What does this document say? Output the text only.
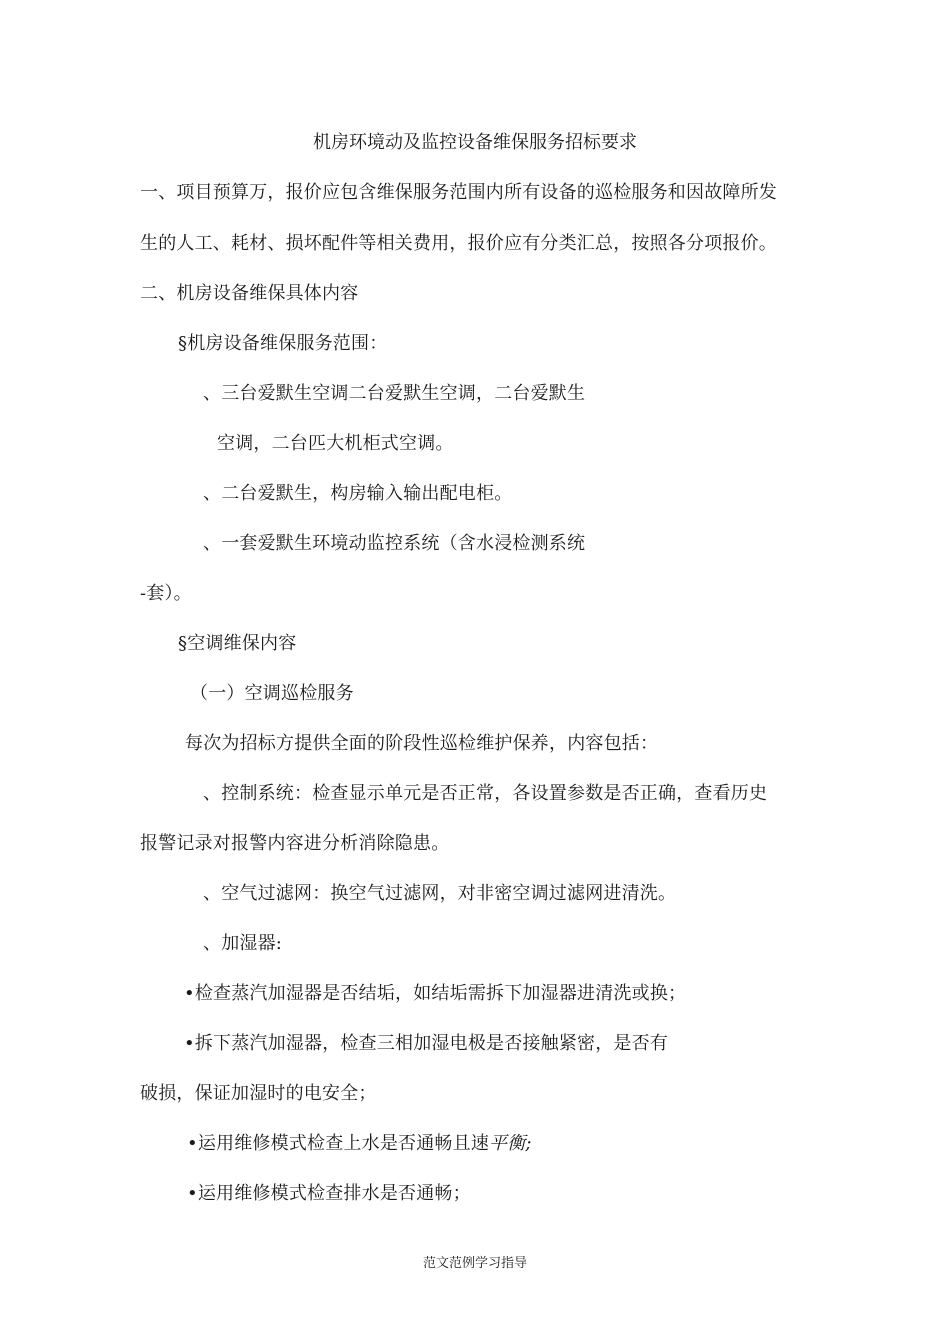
机房环境动及监控设备维保服务招标要求
一、项目预算万，报价应包含维保服务范围内所有设备的巡检服务和因故障所发
生的人工、耗材、损坏配件等相关费用，报价应有分类汇总，按照各分项报价。
二、机房设备维保具体内容
§机房设备维保服务范围：
、三台爱默生空调二台爱默生空调，二台爱默生
空调，二台匹大机柜式空调。
、二台爱默生，构房输入输出配电柜。
、一套爱默生环境动监控系统（含水浸检测系统
-套）。
§空调维保内容
（一）空调巡检服务
每次为招标方提供全面的阶段性巡检维护保养，内容包括：
、控制系统：检查显示单元是否正常，各设置参数是否正确，查看历史
报警记录对报警内容进分析消除隐患。
、空气过滤网：换空气过滤网，对非密空调过滤网进清洗。
、加湿器:
•检查蒸汽加湿器是否结垢，如结垢需拆下加湿器进清洗或换；
•拆下蒸汽加湿器，检查三相加湿电极是否接触紧密，是否有
破损，保证加湿时的电安全；
•运用维修模式检查上水是否通畅且速平衡;
•运用维修模式检查排水是否通畅；
范文范例学习指导
